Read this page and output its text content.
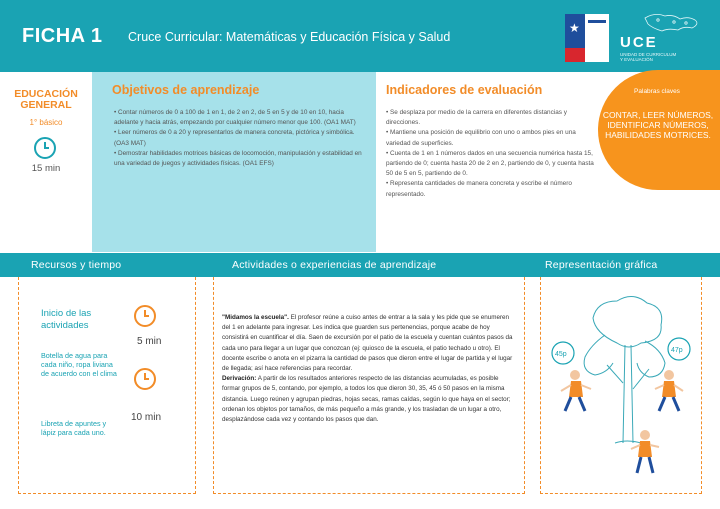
FICHA 1 Cruce Curricular: Matemáticas y Educación Física y Salud
★
UCE
UNIDAD DE CURRICULUM Y EVALUACIÓN
EDUCACIÓN GENERAL
1° básico
15 min
Objetivos de aprendizaje
• Contar números de 0 a 100 de 1 en 1, de 2 en 2, de 5 en 5 y de 10 en 10, hacia adelante y hacia atrás, empezando por cualquier número menor que 100. (OA1 MAT)
• Leer números de 0 a 20 y representarlos de manera concreta, pictórica y simbólica. (OA3 MAT)
• Demostrar habilidades motrices básicas de locomoción, manipulación y estabilidad en una variedad de juegos y actividades físicas. (OA1 EFS)
Indicadores de evaluación
• Se desplaza por medio de la carrera en diferentes distancias y direcciones.
• Mantiene una posición de equilibrio con uno o ambos pies en una variedad de superficies.
• Cuenta de 1 en 1 números dados en una secuencia numérica hasta 15, partiendo de 0; cuenta hasta 20 de 2 en 2, partiendo de 0, y cuenta hasta 50 de 5 en 5, partiendo de 0.
• Representa cantidades de manera concreta y escribe el número representado.
Palabras claves
CONTAR, LEER NÚMEROS, IDENTIFICAR NÚMEROS, HABILIDADES MOTRICES.
Recursos y tiempo	Actividades o experiencias de aprendizaje	Representación gráfica
Inicio de las actividades
5 min
Botella de agua para cada niño, ropa liviana de acuerdo con el clima
10 min
Libreta de apuntes y lápiz para cada uno.

"Midamos la escuela". El profesor reúne a cuiso antes de entrar a la sala y les pide que se enumeren del 1 en adelante para ingresar. Les indica que guarden sus pertenencias, porque acabe de hoy consistirá en cuantificar el día. Saen de excursión por el patio de la escuela y cuentan cuántos pasos da cada uno para llegar a un lugar que conozcan (ej: quiosco de la escuela, el patio techado u otro). El docente escribe o anota en el pizarra la cantidad de pasos que dieron entre el lugar de partida y el lugar de llegada; así hace referencias para recordar.

Derivación: A partir de los resultados anteriores respecto de las distancias acumuladas, es posible formar grupos de 5, contando, por ejemplo, a todos los que dieron 30, 35, 45 ó 50 pasos en la misma distancia. Luego reúnen y agrupan piedras, hojas secas, ramas caídas, según lo que haya en el sector; ordenan los objetos por tamaños, de más pequeño a más grande, y los trasladan de un lugar a otro, desplazándose cada vez y contando los pasos que dan.

45p
47p
